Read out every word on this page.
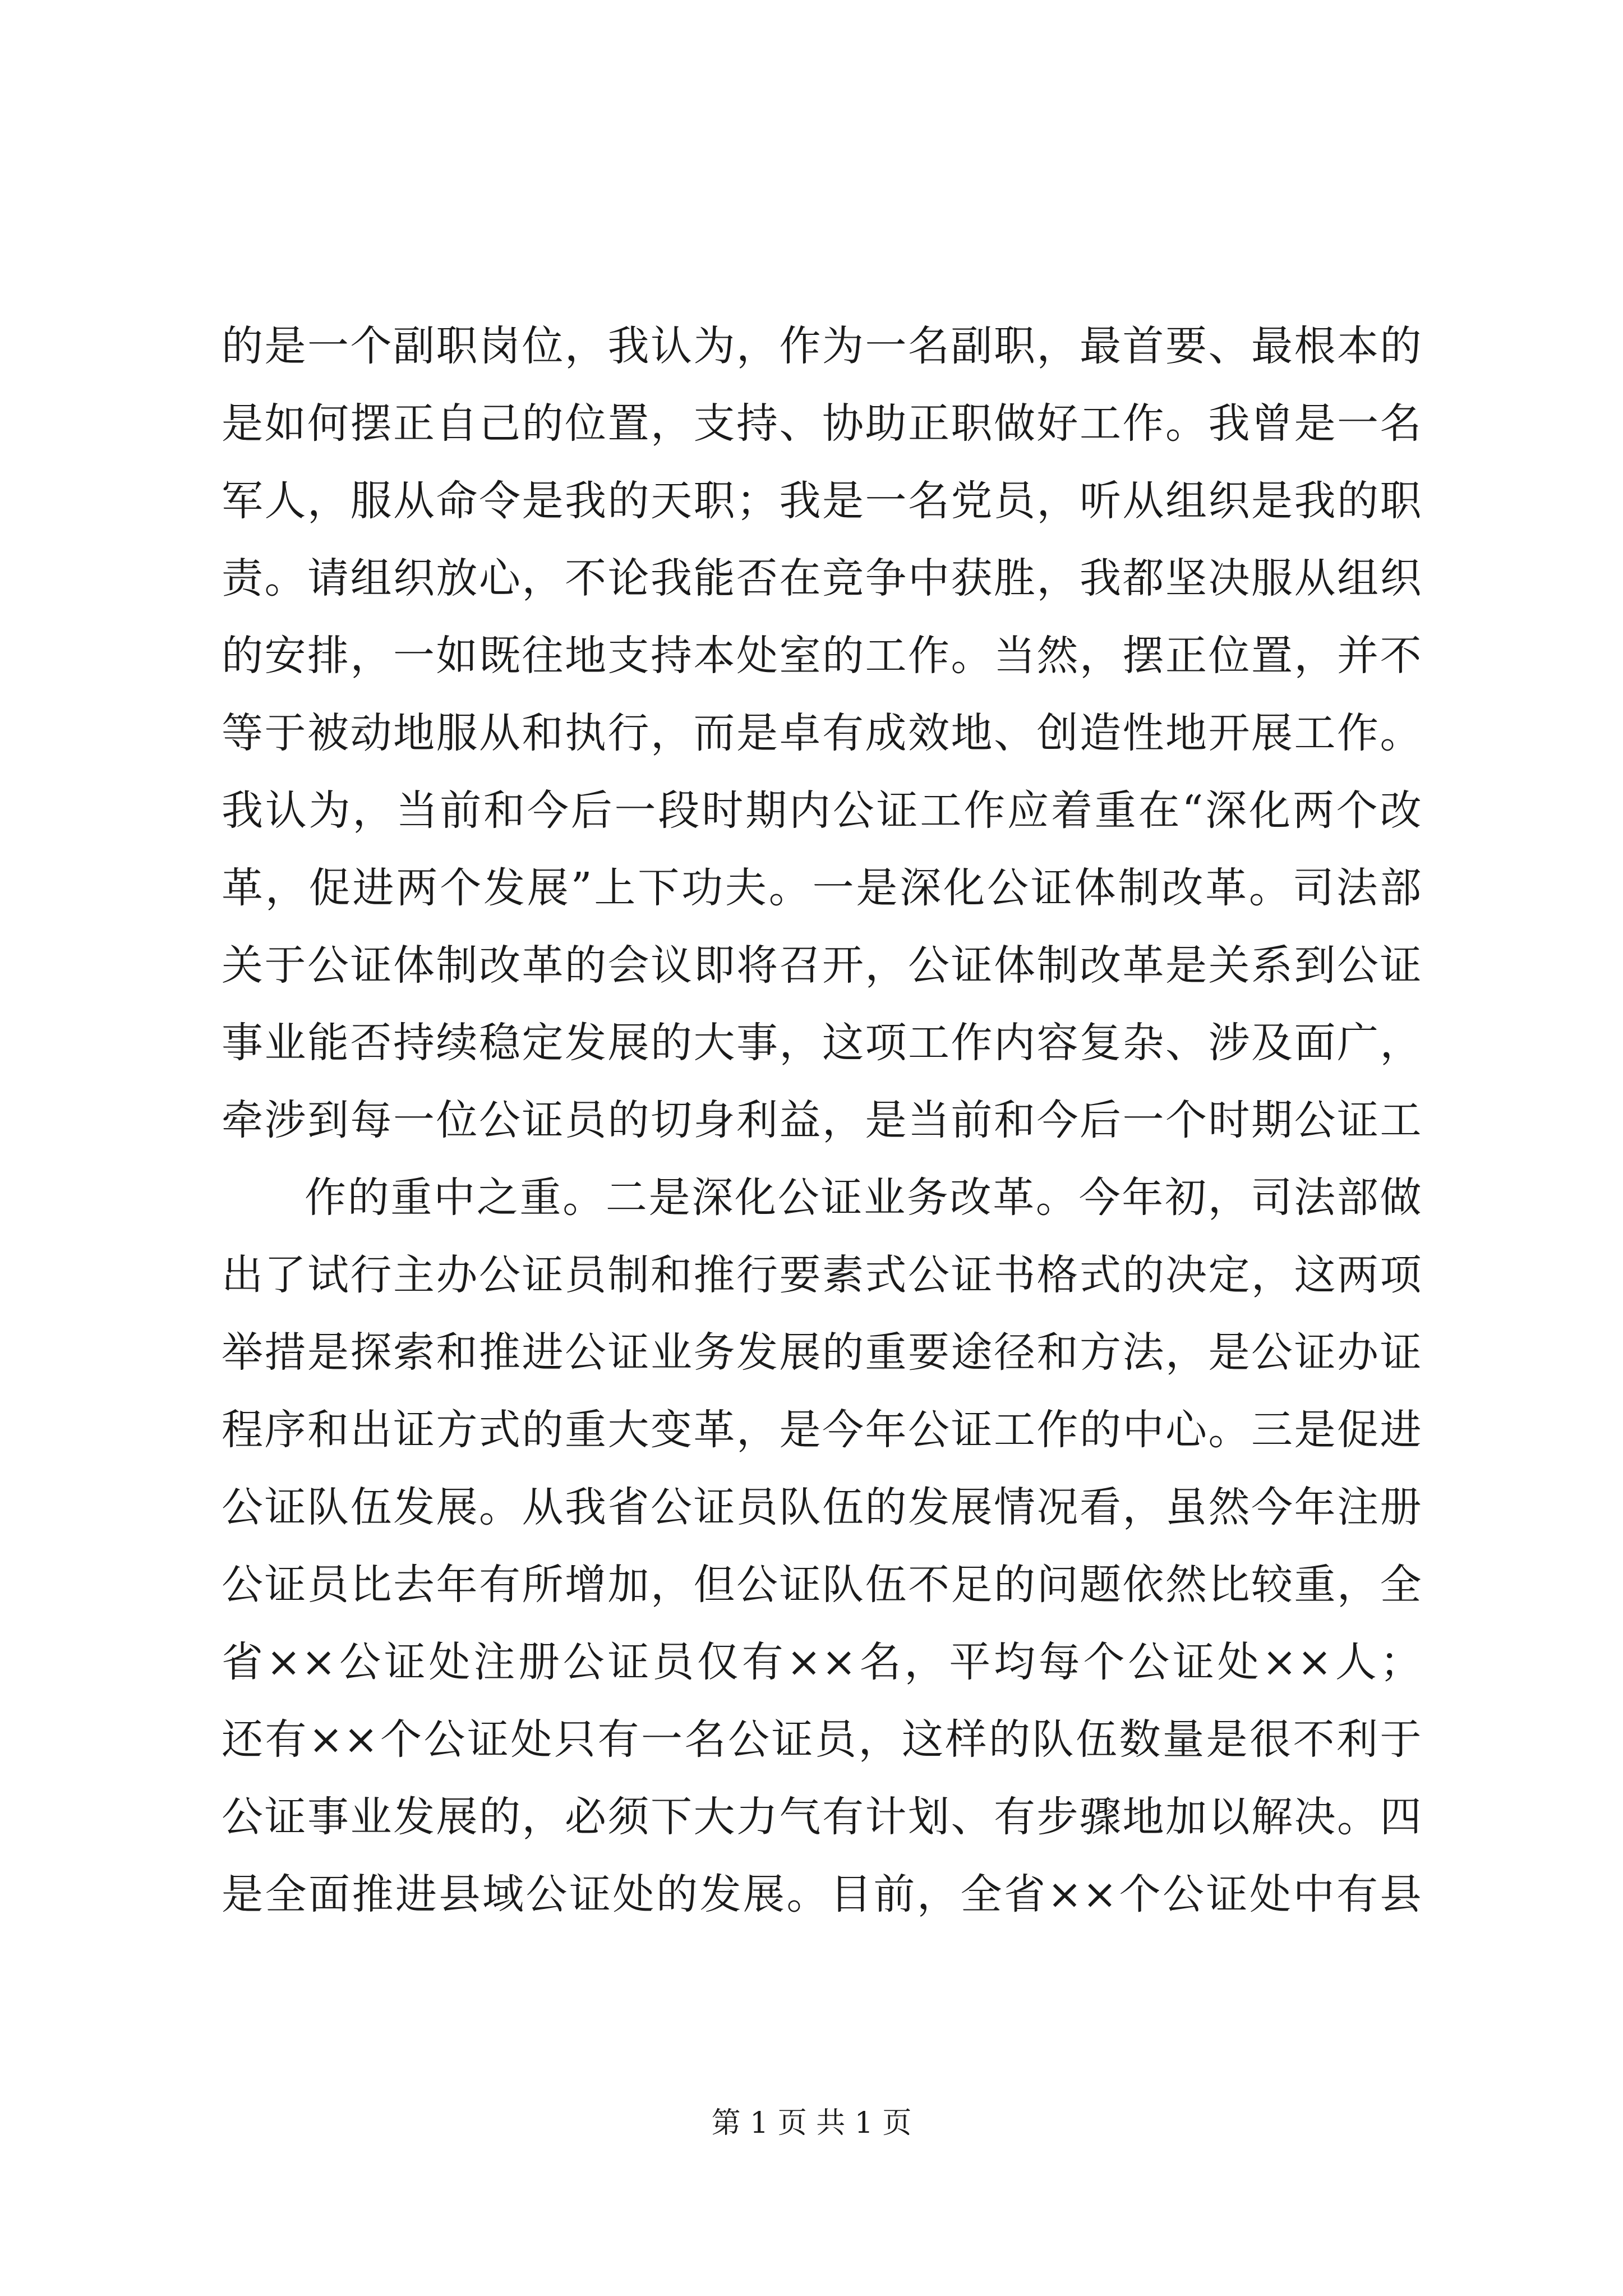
的是一个副职岗位，我认为，作为一名副职，最首要、最根本的
是如何摆正自己的位置，支持、协助正职做好工作。我曾是一名
军人，服从命令是我的天职；我是一名党员，听从组织是我的职
责。请组织放心，不论我能否在竞争中获胜，我都坚决服从组织
的安排，一如既往地支持本处室的工作。当然，摆正位置，并不
等于被动地服从和执行，而是卓有成效地、创造性地开展工作。
我认为，当前和今后一段时期内公证工作应着重在“深化两个改
革，促进两个发展”上下功夫。一是深化公证体制改革。司法部
关于公证体制改革的会议即将召开，公证体制改革是关系到公证
事业能否持续稳定发展的大事，这项工作内容复杂、涉及面广，
牵涉到每一位公证员的切身利益，是当前和今后一个时期公证工
作的重中之重。二是深化公证业务改革。今年初，司法部做
出了试行主办公证员制和推行要素式公证书格式的决定，这两项
举措是探索和推进公证业务发展的重要途径和方法，是公证办证
程序和出证方式的重大变革，是今年公证工作的中心。三是促进
公证队伍发展。从我省公证员队伍的发展情况看，虽然今年注册
公证员比去年有所增加，但公证队伍不足的问题依然比较重，全
省××公证处注册公证员仅有××名，平均每个公证处××人；
还有××个公证处只有一名公证员，这样的队伍数量是很不利于
公证事业发展的，必须下大力气有计划、有步骤地加以解决。四
是全面推进县域公证处的发展。目前，全省××个公证处中有县
第 1 页 共 1 页
